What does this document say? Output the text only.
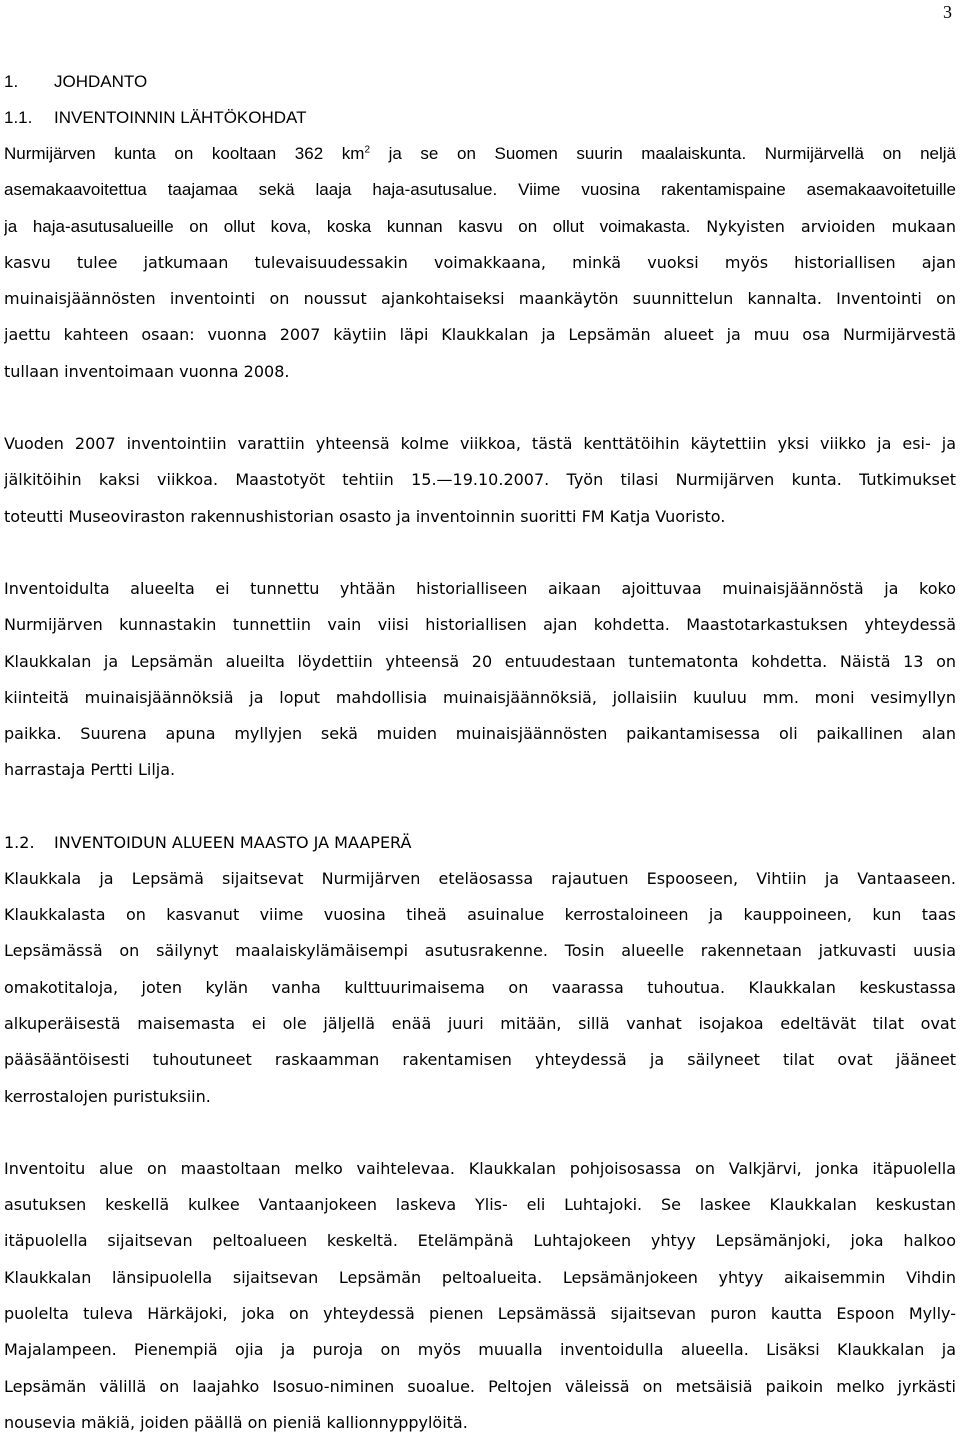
3
1. JOHDANTO
1.1. INVENTOINNIN LÄHTÖKOHDAT
Nurmijärven kunta on kooltaan 362 $km^2$ ja se on Suomen suurin maalaiskunta. Nurmijärvellä on neljä
asemakaavoitettua taajamaa sekä laaja haja-asutusalue. Viime vuosina rakentamispaine asemakaavoitetuille
ja haja-asutusalueille on ollut kova, koska kunnan kasvu on ollut voimakasta. Nykyisten arvioiden mukaan
kasvu tulee jatkumaan tulevaisuudessakin voimakkaana, minkä vuoksi myös historiallisen ajan
muinaisjäännösten inventointi on noussut ajankohtaiseksi maankäytön suunnittelun kannalta. Inventointi on
jaettu kahteen osaan: vuonna 2007 käytiin läpi Klaukkalan ja Lepsämän alueet ja muu osa Nurmijärvestä
tullaan inventoimaan vuonna 2008.
Vuoden 2007 inventointiin varattiin yhteensä kolme viikkoa, tästä kenttätöihin käytettiin yksi viikko ja esi- ja
jälkitöihin kaksi viikkoa. Maastotyöt tehtiin 15.—19.10.2007. Työn tilasi Nurmijärven kunta. Tutkimukset
toteutti Museoviraston rakennushistorian osasto ja inventoinnin suoritti FM Katja Vuoristo.
Inventoidulta alueelta ei tunnettu yhtään historialliseen aikaan ajoittuvaa muinaisjäännöstä ja koko
Nurmijärven kunnastakin tunnettiin vain viisi historiallisen ajan kohdetta. Maastotarkastuksen yhteydessä
Klaukkalan ja Lepsämän alueilta löydettiin yhteensä 20 entuudestaan tuntematonta kohdetta. Näistä 13 on
kiinteitä muinaisjäännöksiä ja loput mahdollisia muinaisjäännöksiä, jollaisiin kuuluu mm. moni vesimyllyn
paikka. Suurena apuna myllyjen sekä muiden muinaisjäännösten paikantamisessa oli paikallinen alan
harrastaja Pertti Lilja.
1.2. INVENTOIDUN ALUEEN MAASTO JA MAAPERÄ
Klaukkala ja Lepsämä sijaitsevat Nurmijärven eteläosassa rajautuen Espooseen, Vihtiin ja Vantaaseen.
Klaukkalasta on kasvanut viime vuosina tiheä asuinalue kerrostaloineen ja kauppoineen, kun taas
Lepsämässä on säilynyt maalaiskylämäisempi asutusrakenne. Tosin alueelle rakennetaan jatkuvasti uusia
omakotitaloja, joten kylän vanha kulttuurimaisema on vaarassa tuhoutua. Klaukkalan keskustassa
alkuperäisestä maisemasta ei ole jäljellä enää juuri mitään, sillä vanhat isojakoa edeltävät tilat ovat
pääsääntöisesti tuhoutuneet raskaamman rakentamisen yhteydessä ja säilyneet tilat ovat jääneet
kerrostalojen puristuksiin.
Inventoitu alue on maastoltaan melko vaihtelevaa. Klaukkalan pohjoisosassa on Valkjärvi, jonka itäpuolella
asutuksen keskellä kulkee Vantaanjokeen laskeva Ylis- eli Luhtajoki. Se laskee Klaukkalan keskustan
itäpuolella sijaitsevan peltoalueen keskeltä. Etelämpänä Luhtajokeen yhtyy Lepsämänjoki, joka halkoo
Klaukkalan länsipuolella sijaitsevan Lepsämän peltoalueita. Lepsämänjokeen yhtyy aikaisemmin Vihdin
puolelta tuleva Härkäjoki, joka on yhteydessä pienen Lepsämässä sijaitsevan puron kautta Espoon Mylly-
Majalampeen. Pienempiä ojia ja puroja on myös muualla inventoidulla alueella. Lisäksi Klaukkalan ja
Lepsämän välillä on laajahko Isosuo-niminen suoalue. Peltojen väleissä on metsäisiä paikoin melko jyrkästi
nousevia mäkiä, joiden päällä on pieniä kallionnyppylöitä.
